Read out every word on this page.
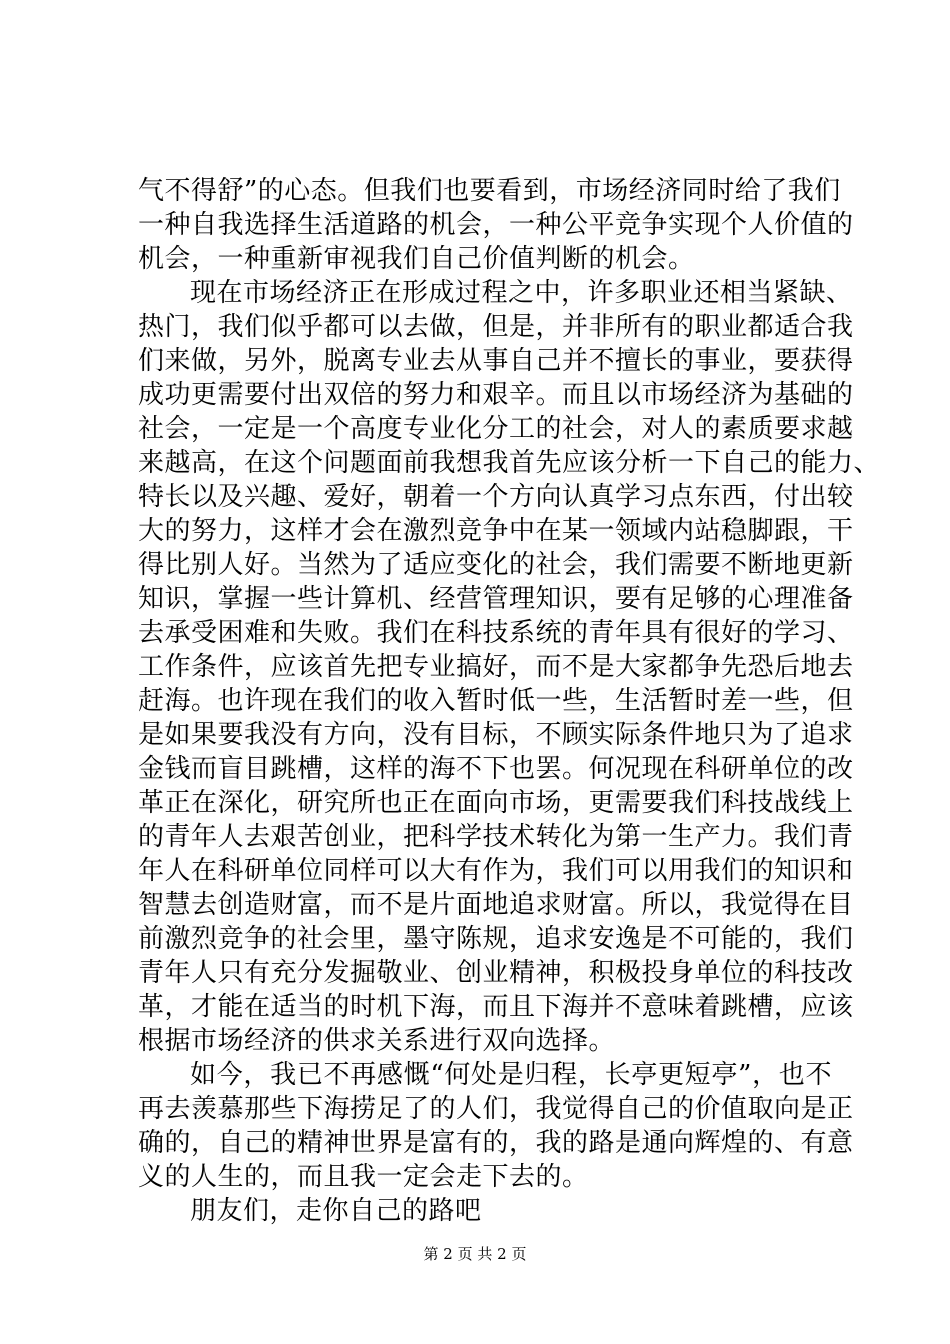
气不得舒”的心态。但我们也要看到，市场经济同时给了我们
一种自我选择生活道路的机会，一种公平竞争实现个人价值的
机会，一种重新审视我们自己价值判断的机会。
现在市场经济正在形成过程之中，许多职业还相当紧缺、
热门，我们似乎都可以去做，但是，并非所有的职业都适合我
们来做，另外，脱离专业去从事自己并不擅长的事业，要获得
成功更需要付出双倍的努力和艰辛。而且以市场经济为基础的
社会，一定是一个高度专业化分工的社会，对人的素质要求越
来越高，在这个问题面前我想我首先应该分析一下自己的能力、
特长以及兴趣、爱好，朝着一个方向认真学习点东西，付出较
大的努力，这样才会在激烈竞争中在某一领域内站稳脚跟，干
得比别人好。当然为了适应变化的社会，我们需要不断地更新
知识，掌握一些计算机、经营管理知识，要有足够的心理准备
去承受困难和失败。我们在科技系统的青年具有很好的学习、
工作条件，应该首先把专业搞好，而不是大家都争先恐后地去
赶海。也许现在我们的收入暂时低一些，生活暂时差一些，但
是如果要我没有方向，没有目标，不顾实际条件地只为了追求
金钱而盲目跳槽，这样的海不下也罢。何况现在科研单位的改
革正在深化，研究所也正在面向市场，更需要我们科技战线上
的青年人去艰苦创业，把科学技术转化为第一生产力。我们青
年人在科研单位同样可以大有作为，我们可以用我们的知识和
智慧去创造财富，而不是片面地追求财富。所以，我觉得在目
前激烈竞争的社会里，墨守陈规，追求安逸是不可能的，我们
青年人只有充分发掘敬业、创业精神，积极投身单位的科技改
革，才能在适当的时机下海，而且下海并不意味着跳槽，应该
根据市场经济的供求关系进行双向选择。
如今，我已不再感慨“何处是归程，长亭更短亭”，也不
再去羡慕那些下海捞足了的人们，我觉得自己的价值取向是正
确的，自己的精神世界是富有的，我的路是通向辉煌的、有意
义的人生的，而且我一定会走下去的。
朋友们，走你自己的路吧
第 2 页 共 2 页
